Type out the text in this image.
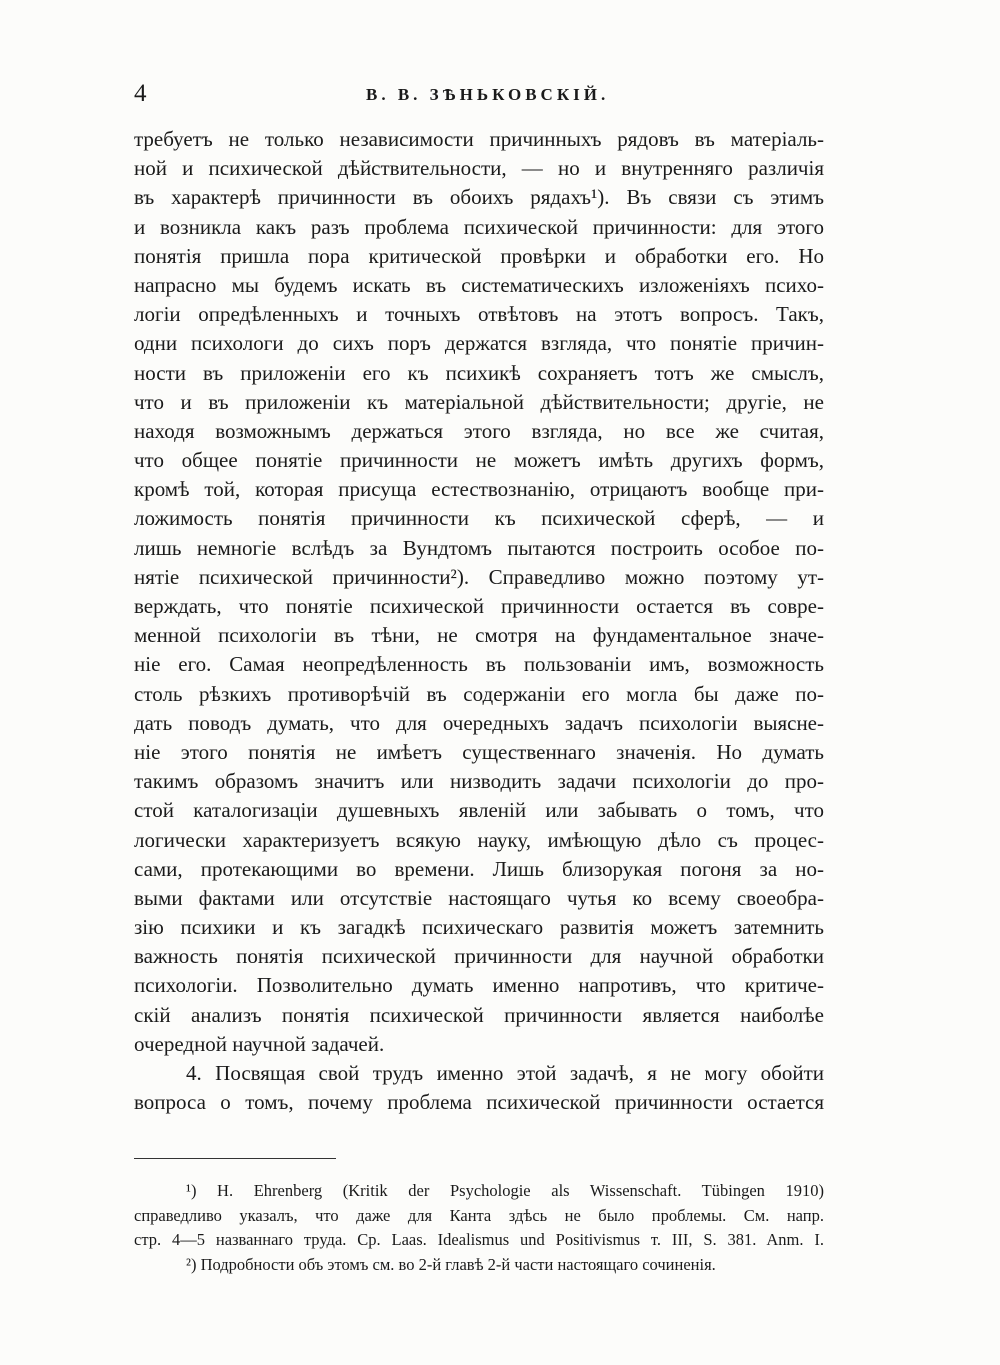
4	В. В. ЗѢНЬКОВСКIЙ.
требуетъ не только независимости причинныхъ рядовъ въ матеріаль-
ной и психической дѣйствительности, — но и внутренняго различія
въ характерѣ причинности въ обоихъ рядахъ¹). Въ связи съ этимъ
и возникла какъ разъ проблема психической причинности: для этого
понятія пришла пора критической провѣрки и обработки его. Но
напрасно мы будемъ искать въ систематическихъ изложеніяхъ психо-
логіи опредѣленныхъ и точныхъ отвѣтовъ на этотъ вопросъ. Такъ,
одни психологи до сихъ поръ держатся взгляда, что понятіе причин-
ности въ приложеніи его къ психикѣ сохраняетъ тотъ же смыслъ,
что и въ приложеніи къ матеріальной дѣйствительности; другіе, не
находя возможнымъ держаться этого взгляда, но все же считая,
что общее понятіе причинности не можетъ имѣть другихъ формъ,
кромѣ той, которая присуща естествознанію, отрицаютъ вообще при-
ложимость понятія причинности къ психической сферѣ, — и
лишь немногіе вслѣдъ за Вундтомъ пытаются построить особое по-
нятіе психической причинности²). Справедливо можно поэтому ут-
верждать, что понятіе психической причинности остается въ совре-
менной психологіи въ тѣни, не смотря на фундаментальное значе-
ніе его. Самая неопредѣленность въ пользованіи имъ, возможность
столь рѣзкихъ противорѣчій въ содержаніи его могла бы даже по-
дать поводъ думать, что для очередныхъ задачъ психологіи выясне-
ніе этого понятія не имѣетъ существеннаго значенія. Но думать
такимъ образомъ значитъ или низводить задачи психологіи до про-
стой каталогизаціи душевныхъ явленій или забывать о томъ, что
логически характеризуетъ всякую науку, имѣющую дѣло съ процес-
сами, протекающими во времени. Лишь близорукая погоня за но-
выми фактами или отсутствіе настоящаго чутья ко всему своеобра-
зію психики и къ загадкѣ психическаго развитія можетъ затемнить
важность понятія психической причинности для научной обработки
психологіи. Позволительно думать именно напротивъ, что критиче-
скій анализъ понятія психической причинности является наиболѣе
очередной научной задачей.
4. Посвящая свой трудъ именно этой задачѣ, я не могу обойти
вопроса о томъ, почему проблема психической причинности остается
¹) H. Ehrenberg (Kritik der Psychologie als Wissenschaft. Tübingen 1910)
справедливо указалъ, что даже для Канта здѣсь не было проблемы. См. напр.
стр. 4—5 названнаго труда. Ср. Laas. Idealismus und Positivismus т. III, S. 381. Anm. I.
²) Подробности объ этомъ см. во 2-й главѣ 2-й части настоящаго сочиненія.
